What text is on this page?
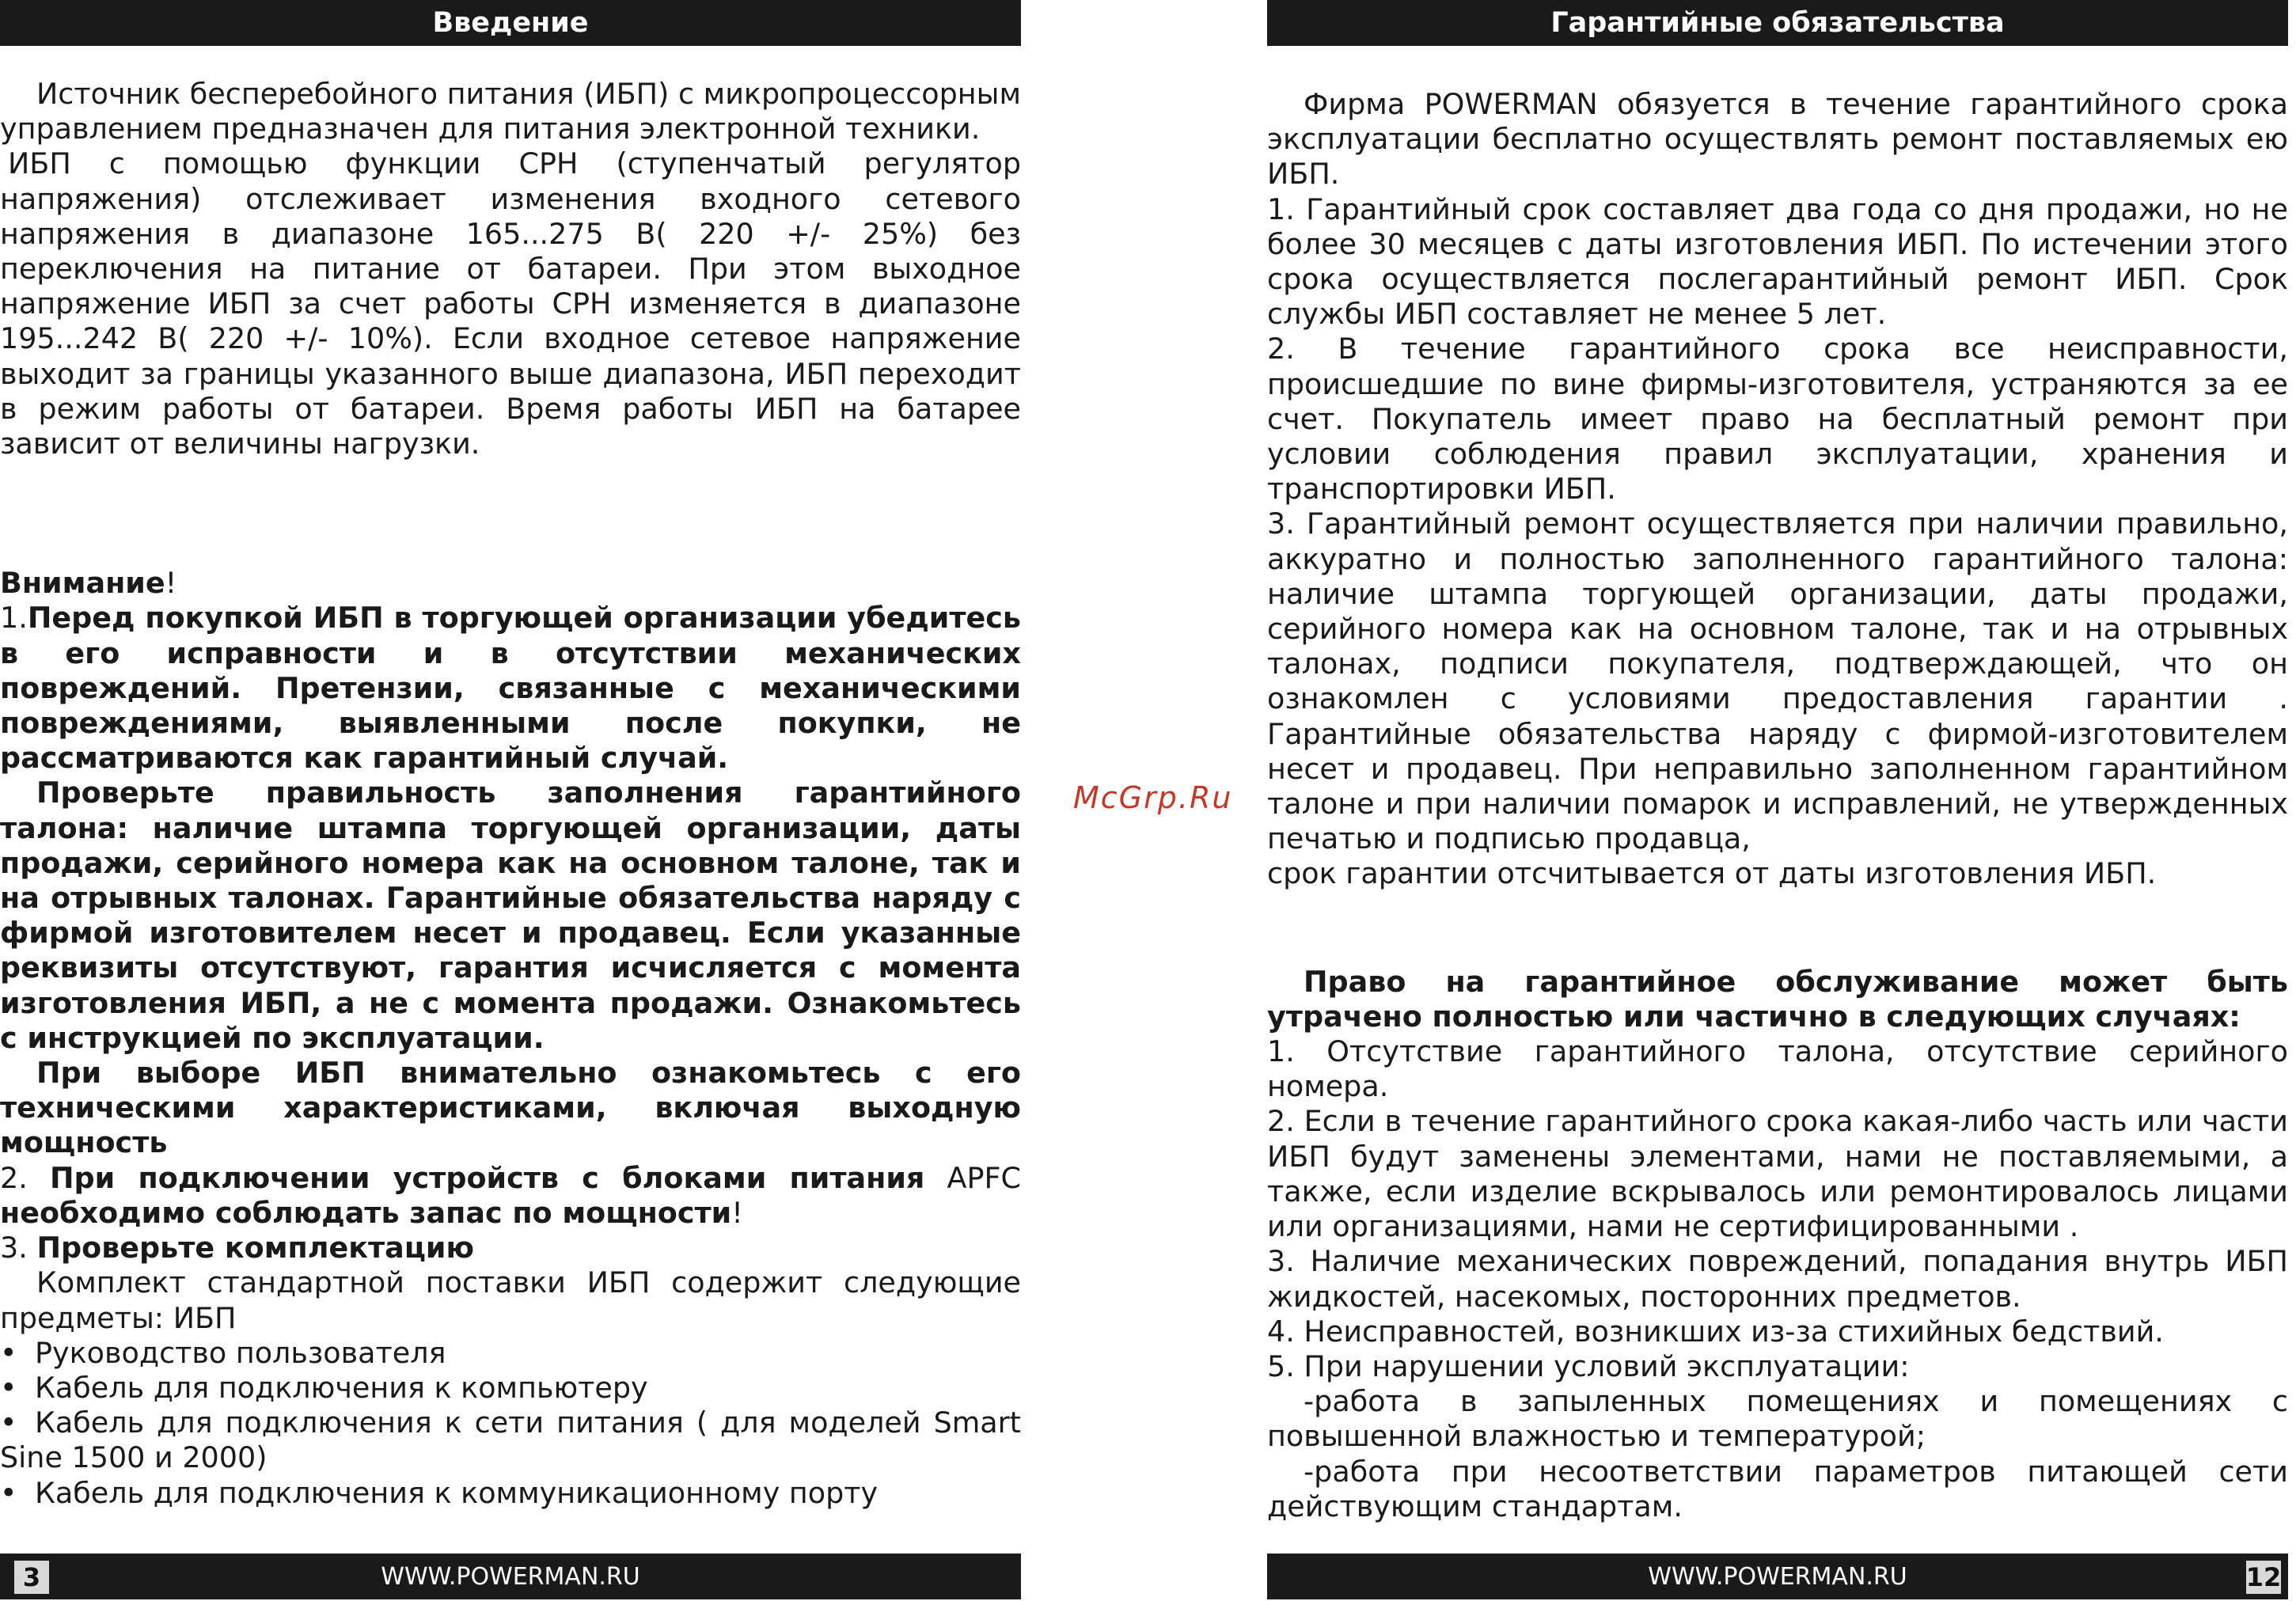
Введение

Источник бесперебойного питания (ИБП) с микропроцессорным управлением предназначен для питания электронной техники.

ИБП с помощью функции СРН (ступенчатый регулятор напряжения) отслеживает изменения входного сетевого напряжения в диапазоне 165...275 В( 220 +/- 25%) без переключения на питание от батареи. При этом выходное напряжение ИБП за счет работы СРН изменяется в диапазоне 195...242 В( 220 +/- 10%). Если входное сетевое напряжение выходит за границы указанного выше диапазона, ИБП переходит в режим работы от батареи. Время работы ИБП на батарее зависит от величины нагрузки.

Внимание!

1.Перед покупкой ИБП в торгующей организации убедитесь в его исправности и в отсутствии механических повреждений. Претензии, связанные с механическими повреждениями, выявленными после покупки, не рассматриваются как гарантийный случай.

Проверьте правильность заполнения гарантийного талона: наличие штампа торгующей организации, даты продажи, серийного номера как на основном талоне, так и на отрывных талонах. Гарантийные обязательства наряду с фирмой изготовителем несет и продавец. Если указанные реквизиты отсутствуют, гарантия исчисляется с момента изготовления ИБП, а не с момента продажи. Ознакомьтесь с инструкцией по эксплуатации.

При выборе ИБП внимательно ознакомьтесь с его техническими характеристиками, включая выходную мощность

2. При подключении устройств с блоками питания APFC необходимо соблюдать запас по мощности!

3. Проверьте комплектацию

Комплект стандартной поставки ИБП содержит следующие предметы: ИБП

• Руководство пользователя

• Кабель для подключения к компьютеру

• Кабель для подключения к сети питания ( для моделей Smart Sine 1500 и 2000)

• Кабель для подключения к коммуникационному порту

Гарантийные обязательства

Фирма POWERMAN обязуется в течение гарантийного срока эксплуатации бесплатно осуществлять ремонт поставляемых ею ИБП.

1. Гарантийный срок составляет два года со дня продажи, но не более 30 месяцев с даты изготовления ИБП. По истечении этого срока осуществляется послегарантийный ремонт ИБП. Срок службы ИБП составляет не менее 5 лет.

2. В течение гарантийного срока все неисправности, происшедшие по вине фирмы-изготовителя, устраняются за ее счет. Покупатель имеет право на бесплатный ремонт при условии соблюдения правил эксплуатации, хранения и транспортировки ИБП.

3. Гарантийный ремонт осуществляется при наличии правильно, аккуратно и полностью заполненного гарантийного талона: наличие штампа торгующей организации, даты продажи, серийного номера как на основном талоне, так и на отрывных талонах, подписи покупателя, подтверждающей, что он ознакомлен с условиями предоставления гарантии . Гарантийные обязательства наряду с фирмой-изготовителем несет и продавец. При неправильно заполненном гарантийном талоне и при наличии помарок и исправлений, не утвержденных печатью и подписью продавца,

срок гарантии отсчитывается от даты изготовления ИБП.

Право на гарантийное обслуживание может быть утрачено полностью или частично в следующих случаях:

1. Отсутствие гарантийного талона, отсутствие серийного номера.

2. Если в течение гарантийного срока какая-либо часть или части ИБП будут заменены элементами, нами не поставляемыми, а также, если изделие вскрывалось или ремонтировалось лицами или организациями, нами не сертифицированными .

3. Наличие механических повреждений, попадания внутрь ИБП жидкостей, насекомых, посторонних предметов.

4. Неисправностей, возникших из-за стихийных бедствий.

5. При нарушении условий эксплуатации:

-работа в запыленных помещениях и помещениях с повышенной влажностью и температурой;

-работа при несоответствии параметров питающей сети действующим стандартам.

McGrp.Ru
WWW.POWERMAN.RU
3	WWW.POWERMAN.RU	12
